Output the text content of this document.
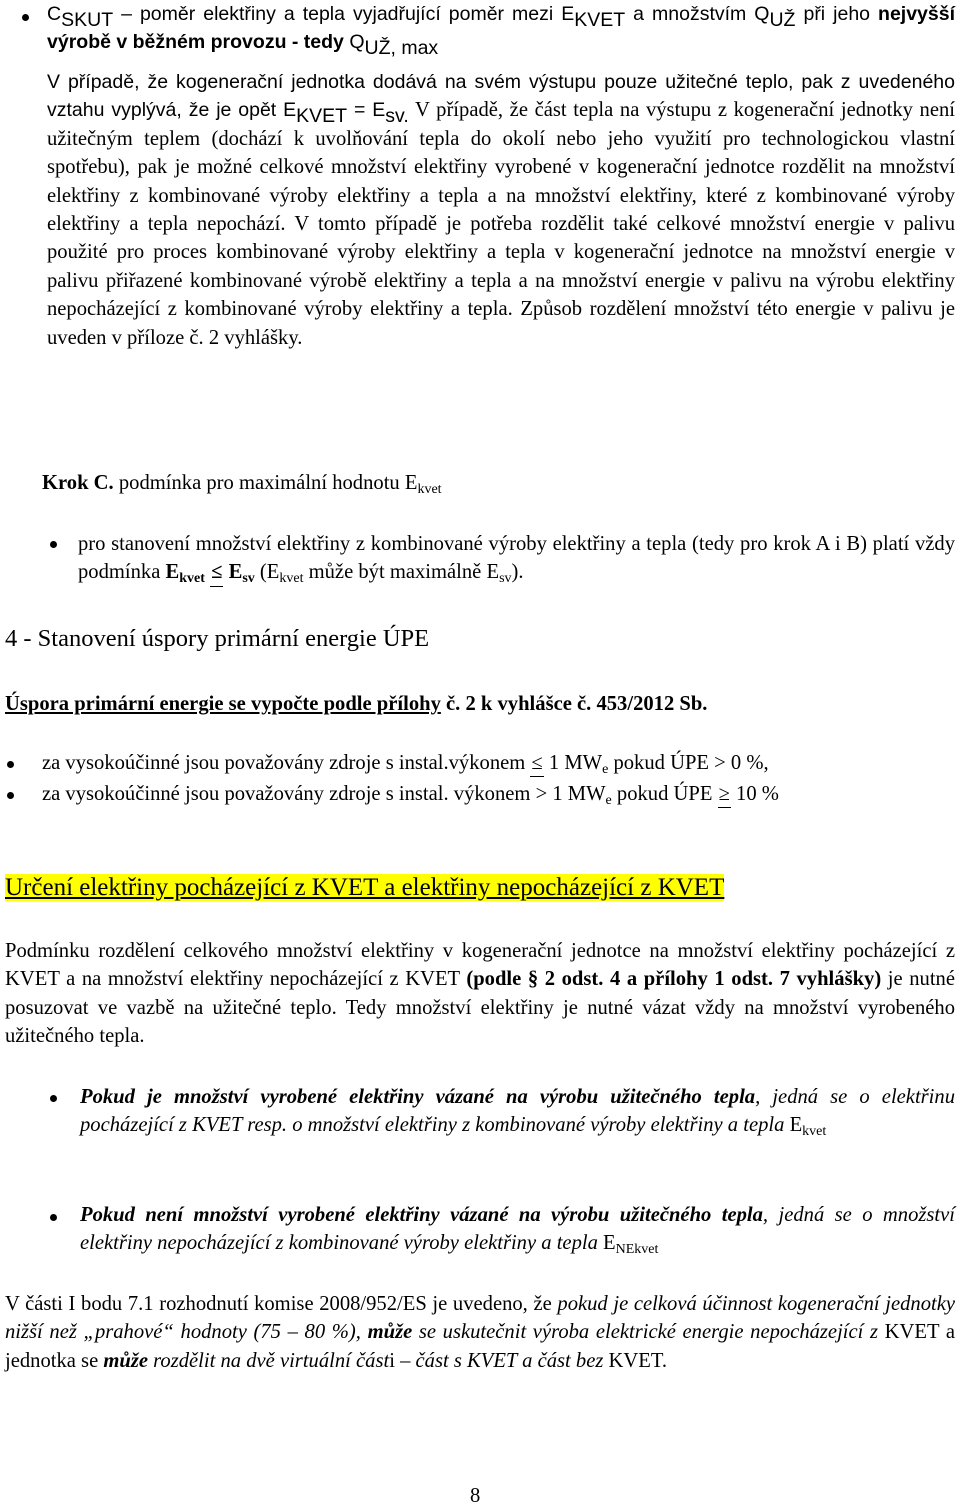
$C_{SKUT}$ – poměr elektřiny a tepla vyjadřující poměr mezi $E_{KVET}$ a množstvím $Q_{UŽ}$ při jeho nejvyšší výrobě v běžném provozu - tedy $Q_{UŽ, max}$

V případě, že kogenerační jednotka dodává na svém výstupu pouze užitečné teplo, pak z uvedeného vztahu vyplývá, že je opět $E_{KVET} = E_{sv.}$ V případě, že část tepla na výstupu z kogenerační jednotky není užitečným teplem (dochází k uvolňování tepla do okolí nebo jeho využití pro technologickou vlastní spotřebu), pak je možné celkové množství elektřiny vyrobené v kogenerační jednotce rozdělit na množství elektřiny z kombinované výroby elektřiny a tepla a na množství elektřiny, které z kombinované výroby elektřiny a tepla nepochází. V tomto případě je potřeba rozdělit také celkové množství energie v palivu použité pro proces kombinované výroby elektřiny a tepla v kogenerační jednotce na množství energie v palivu přiřazené kombinované výrobě elektřiny a tepla a na množství energie v palivu na výrobu elektřiny nepocházející z kombinované výroby elektřiny a tepla. Způsob rozdělení množství této energie v palivu je uveden v příloze č. 2 vyhlášky.

Krok C. podmínka pro maximální hodnotu $E_{kvet}$

pro stanovení množství elektřiny z kombinované výroby elektřiny a tepla (tedy pro krok A i B) platí vždy podmínka $E_{kvet} \le E_{sv}$ ($E_{kvet}$ může být maximálně $E_{sv}$).

4 - Stanovení úspory primární energie ÚPE

Úspora primární energie se vypočte podle přílohy č. 2 k vyhlášce č. 453/2012 Sb.

za vysokoúčinné jsou považovány zdroje s instal.výkonem ≤ 1 $MW_e$ pokud ÚPE > 0 %,

za vysokoúčinné jsou považovány zdroje s instal. výkonem > 1 $MW_e$ pokud ÚPE ≥ 10 %

Určení elektřiny pocházející z KVET a elektřiny nepocházející z KVET

Podmínku rozdělení celkového množství elektřiny v kogenerační jednotce na množství elektřiny pocházející z KVET a na množství elektřiny nepocházející z KVET (podle § 2 odst. 4 a přílohy 1 odst. 7 vyhlášky) je nutné posuzovat ve vazbě na užitečné teplo. Tedy množství elektřiny je nutné vázat vždy na množství vyrobeného užitečného tepla.

Pokud je množství vyrobené elektřiny vázané na výrobu užitečného tepla, jedná se o elektřinu pocházející z KVET resp. o množství elektřiny z kombinované výroby elektřiny a tepla $E_{kvet}$

Pokud není množství vyrobené elektřiny vázané na výrobu užitečného tepla, jedná se o množství elektřiny nepocházející z kombinované výroby elektřiny a tepla $E_{NEkvet}$

V části I bodu 7.1 rozhodnutí komise 2008/952/ES je uvedeno, že pokud je celková účinnost kogenerační jednotky nižší než „prahové“ hodnoty (75 – 80 %), může se uskutečnit výroba elektrické energie nepocházející z KVET a jednotka se může rozdělit na dvě virtuální části – část s KVET a část bez KVET.

8
